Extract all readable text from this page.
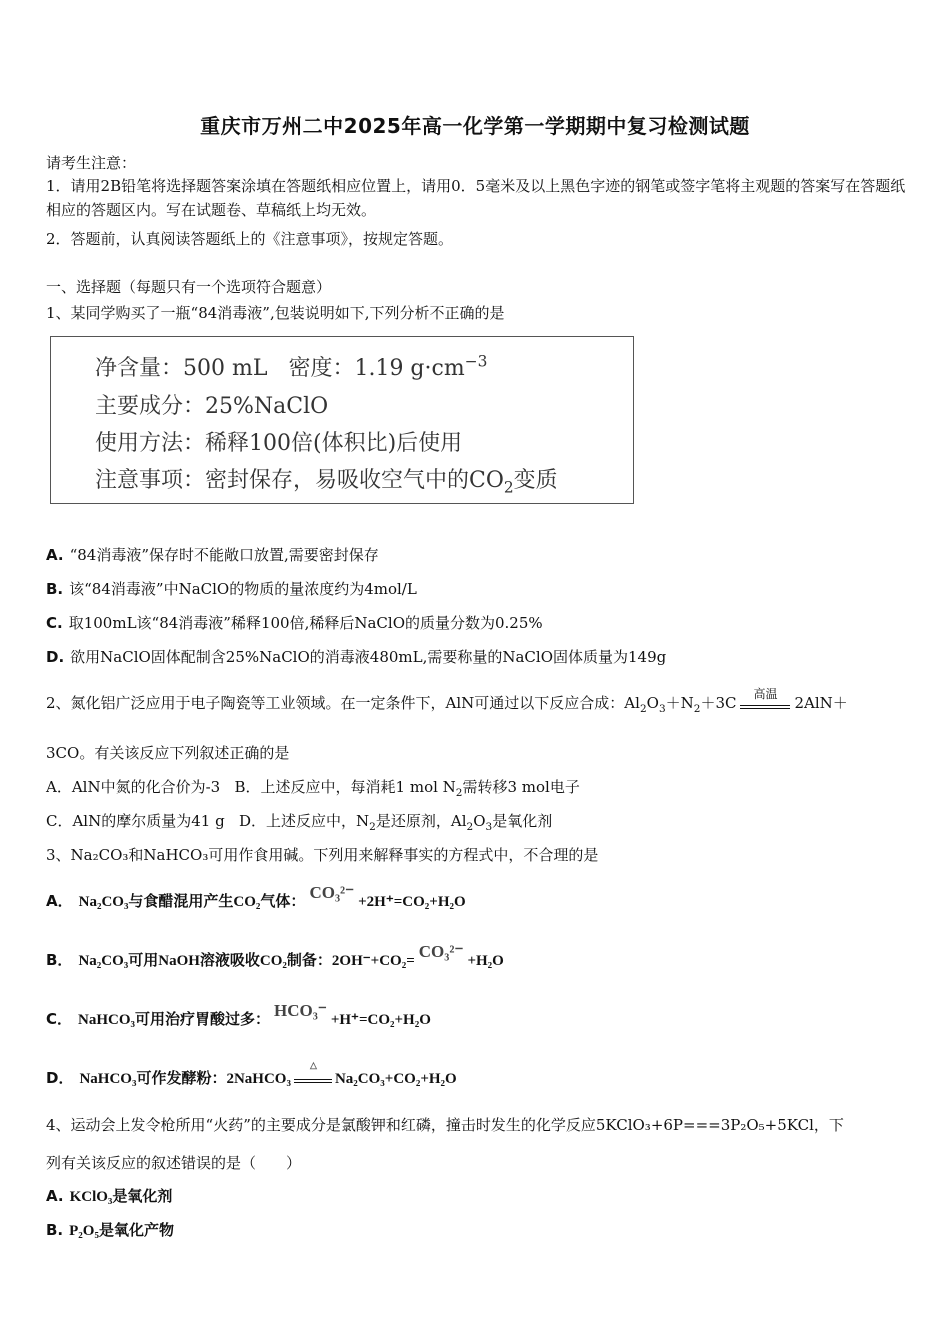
重庆市万州二中2025年高一化学第一学期期中复习检测试题
请考生注意：
1．请用2B铅笔将选择题答案涂填在答题纸相应位置上，请用0．5毫米及以上黑色字迹的钢笔或签字笔将主观题的答案写在答题纸相应的答题区内。写在试题卷、草稿纸上均无效。
2．答题前，认真阅读答题纸上的《注意事项》，按规定答题。
一、选择题（每题只有一个选项符合题意）
1、某同学购买了一瓶“84消毒液”,包装说明如下,下列分析不正确的是
净含量：500 mL 密度：1.19 $g\cdot cm^{-3}$
主要成分：25%NaClO
使用方法：稀释100倍(体积比)后使用
注意事项：密封保存，易吸收空气中的$CO_2$变质
A. “84消毒液”保存时不能敞口放置,需要密封保存
B. 该“84消毒液”中NaClO的物质的量浓度约为4mol/L
C. 取100mL该“84消毒液”稀释100倍,稀释后NaClO的质量分数为0.25%
D. 欲用NaClO固体配制含25%NaClO的消毒液480mL,需要称量的NaClO固体质量为149g
2、氮化铝广泛应用于电子陶瓷等工业领域。在一定条件下，AlN可通过以下反应合成：$Al_2O_3+N_2+3C$	高温	2AlN＋
3CO。有关该反应下列叙述正确的是
A．AlN中氮的化合价为-3 B．上述反应中，每消耗1 mol $N_2$需转移3 mol电子
C．AlN的摩尔质量为41 g D．上述反应中，$N_2$是还原剂，$Al_2O_3$是氧化剂
3、Na₂CO₃和NaHCO₃可用作食用碱。下列用来解释事实的方程式中，不合理的是
A． Na₂CO₃与食醋混用产生CO₂气体： CO₃²⁻ +2H⁺=CO₂+H₂O
B． Na₂CO₃可用NaOH溶液吸收CO₂制备：2OH⁻+CO₂= CO₃²⁻ +H₂O
C． NaHCO₃可用治疗胃酸过多： HCO₃⁻ +H⁺=CO₂+H₂O
D． NaHCO₃可作发酵粉：2NaHCO₃
△
Na₂CO₃+CO₂+H₂O
4、运动会上发令枪所用“火药”的主要成分是氯酸钾和红磷，撞击时发生的化学反应5KClO₃+6P===3P₂O₅+5KCl，下
列有关该反应的叙述错误的是（　　）
A. KClO₃是氧化剂
B. P₂O₅是氧化产物
